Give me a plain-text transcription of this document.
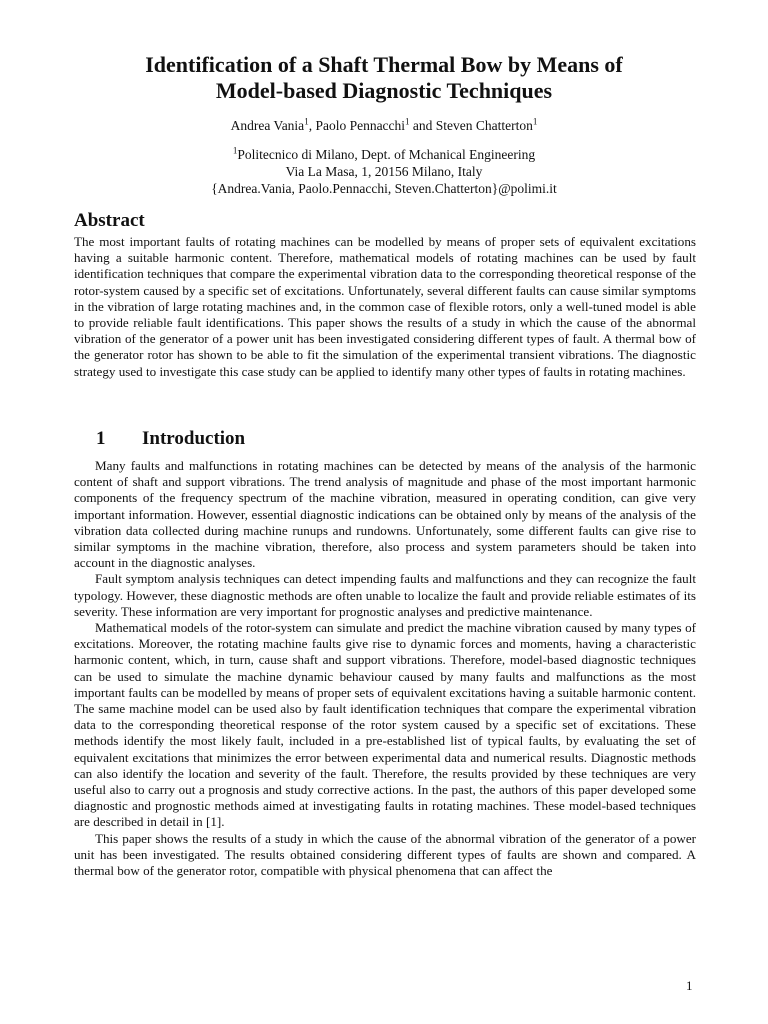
Identification of a Shaft Thermal Bow by Means of
Model-based Diagnostic Techniques
Andrea Vania$^1$, Paolo Pennacchi$^1$ and Steven Chatterton$^1$
$^1$Politecnico di Milano, Dept. of Mchanical Engineering
Via La Masa, 1, 20156 Milano, Italy
{Andrea.Vania, Paolo.Pennacchi, Steven.Chatterton}@polimi.it
Abstract

The most important faults of rotating machines can be modelled by means of proper sets of equivalent excitations having a suitable harmonic content. Therefore, mathematical models of rotating machines can be used by fault identification techniques that compare the experimental vibration data to the corresponding theoretical response of the rotor-system caused by a specific set of excitations. Unfortunately, several different faults can cause similar symptoms in the vibration of large rotating machines and, in the common case of flexible rotors, only a well-tuned model is able to provide reliable fault identifications. This paper shows the results of a study in which the cause of the abnormal vibration of the generator of a power unit has been investigated considering different types of fault. A thermal bow of the generator rotor has shown to be able to fit the simulation of the experimental transient vibrations. The diagnostic strategy used to investigate this case study can be applied to identify many other types of faults in rotating machines.

1 Introduction

Many faults and malfunctions in rotating machines can be detected by means of the analysis of the harmonic content of shaft and support vibrations. The trend analysis of magnitude and phase of the most important harmonic components of the frequency spectrum of the machine vibration, measured in operating condition, can give very important information. However, essential diagnostic indications can be obtained only by means of the analysis of the vibration data collected during machine runups and rundowns. Unfortunately, some different faults can give rise to similar symptoms in the machine vibration, therefore, also process and system parameters should be taken into account in the diagnostic analyses.

Fault symptom analysis techniques can detect impending faults and malfunctions and they can recognize the fault typology. However, these diagnostic methods are often unable to localize the fault and provide reliable estimates of its severity. These information are very important for prognostic analyses and predictive maintenance.

Mathematical models of the rotor-system can simulate and predict the machine vibration caused by many types of excitations. Moreover, the rotating machine faults give rise to dynamic forces and moments, having a characteristic harmonic content, which, in turn, cause shaft and support vibrations. Therefore, model-based diagnostic techniques can be used to simulate the machine dynamic behaviour caused by many faults and malfunctions as the most important faults can be modelled by means of proper sets of equivalent excitations having a suitable harmonic content. The same machine model can be used also by fault identification techniques that compare the experimental vibration data to the corresponding theoretical response of the rotor system caused by a specific set of excitations. These methods identify the most likely fault, included in a pre-established list of typical faults, by evaluating the set of equivalent excitations that minimizes the error between experimental data and numerical results. Diagnostic methods can also identify the location and severity of the fault. Therefore, the results provided by these techniques are very useful also to carry out a prognosis and study corrective actions. In the past, the authors of this paper developed some diagnostic and prognostic methods aimed at investigating faults in rotating machines. These model-based techniques are described in detail in [1].

This paper shows the results of a study in which the cause of the abnormal vibration of the generator of a power unit has been investigated. The results obtained considering different types of faults are shown and compared. A thermal bow of the generator rotor, compatible with physical phenomena that can affect the

1
